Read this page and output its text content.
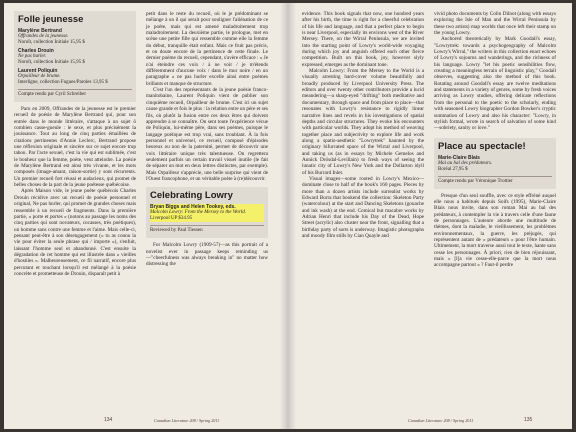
Folle jeunesse
Marylène Bertrand
Offrandes de la jeunesse.
Noroît, collection Initiale 15,95 $
Charles Drouin
Ne pas hurler.
Noroît, collection Initiale 15,95 $
Laurent Poliquin
Orpailleur de brume.
Interligne, collection Fugues/Paroles 13,95 $
Compte rendu par Cyril Schreiber

Paru en 2009, Offrandes de la jeunesse est le premier recueil de poésie de Marylène Bertrand qui, pour son entrée dans le monde littéraire, s'attaque à un sujet ô combien casse-gueule : le sexe, et plus précisément la jouissance. Tout au long de cinq parties émaillées de citations pertinentes d'Annie Leclerc, Bertrand propose une réflexion originale et sincère sur ce sujet encore trop tabou. Par l'acte sexuel, c'est la vie qui est sublimée, c'est le bonheur que la femme, poète, veut atteindre. La poésie de Marylène Bertrand est ainsi très vivante, et les mots composés (image-amant, raison-sortie) y sont récurrents. Un premier recueil fort réussi et audacieux, qui promet de belles choses de la part de la jeune poétesse québécoise.

Après Maison vide, le jeune poète québécois Charles Drouin récidive avec un recueil de poésie personnel et original, Ne pas hurler, qui promet de grandes choses mais ressemble à un recueil de fragments. Dans la première partie, « porte et portes » (notons au passage les noms des cinq parties qui sont novateurs, cocasses, très poétiques), un homme sans contre une femme et l'aime. Mais celle-ci, pensant peut-être à son désengagement (« tu as connu la vie pour éviter la seule phrase qui / importe »), s'enfuit, laissant l'homme seul et abandonné. C'est ensuite la dégradation de cet homme qui est illustrée dans « vieilles d'hostiles ». Malheureusement, ce fil narratif, encore plus percutant et touchant lorsqu'il est mélangé à la poésie concrète et prometteuse de Drouin, disparaît petit à

petit dans le reste du recueil, où le je prédominant se mélange à un il qui serait pour souligner l'aliénation de ce je poète, mais qui est amené maladroitement trop maladroitement. La deuxième partie, le prologue, met en scène une petite fille qui ressemble comme elle la femme du début, tranquille était enfant. Mais ce fruit pas précis, et on doute encore de la pertinence de cette finale. Le dernier poème du recueil, cependant, s'avère efficace : « Je n'ai éteindre ces voix / à ne voir / je m'étends différemment d'aucune voix / dans le mur noire / en un paragraphe » ne pas hurler excelle ainsi entre poèmes brillants et manque de structure.

C'est l'un des représentants de la jeune poésie franco-manitobaine, Laurent Poliquin vient de publier son cinquième recueil, Orpailleur de brume. C'est ici un sujet cause grande et fois le plus : la relation entre un père et ses fils, où plutôt la fusion entre ces deux êtres qui doivent apprendre à se connaître. On sent toute l'expérience vécue de Poliquin, lui-même père, dans ses poèmes, puisque le langage poétique est trop vrai, sans troublant. À la fois personnel et universel, ce recueil, composé d'épisodes heureux ou non de la paternité, permet de découvrir une voix littéraire unique très talentueuse. On regrettera seulement parfois un certain travail visuel inutile (le fait de séparer un mot en deux lettres distinctes, par exemple). Mais Orpailleur s'apprécie, une belle surprise qui vient de l'Ouest francophone, et un véritable poète à (re)découvrir.

Celebrating Lowry
Bryan Biggs and Helen Tookey, eds.
Malcolm Lowry: From the Mersey to the World.
Liverpool UP $34.95
Reviewed by Paul Tiessen

For Malcolm Lowry (1909-57)—as this portrait of a novelist ever in passage keeps reminding us—"cheerfulness was always breaking in" no matter how distressing the

134	Canadian Literature 208 / Spring 2011

evidence. This book signals that now, one hundred years after his birth, the time is right for a cheerful celebration of his life and language, and that a perfect place to begin is near Liverpool, especially its environs west of the River Mersey. There, on the Wirral Peninsula, we are invited into the starting point of Lowry's world-wide voyaging during which joy and anguish offered each other fierce competition. Built on this book, joy, however slyly expressed, emerges as the dominant tone.

Malcolm Lowry: From the Mersey to the World is a visually arresting hard-cover volume beautifully and broadly produced by Liverpool University Press. The editors and over twenty other contributors provide a lucid meandering—a sharp-eyed "drifting" both meditative and documentary, through space and from place to place—that resonates with Lowry's resistance to rigidly linear narrative lines and revels in his investigations of spatial depths and circular structures. They evoke his encounters with particular worlds. They adopt his method of weaving together place and subjectivity to explore life and work along a spatio-aesthetic "Lowrytrek" haunted by the originary bifurcated space of the Wirral and Liverpool, and taking us (as in essays by Michele Gemelos and Annick Drösdal-Levillain) to fresh ways of seeing the lunatic city of Lowry's New York and the Dollarton idyll of his Burrard Inlet.

Visual images—some rooted in Lowry's Mexico—dominate close to half of the book's 160 pages. Pieces by more than a dozen artists include surrealist works by Edward Burra that bookend the collection: Skeleton Party (watercolour) at the start and Dancing Skeletons (gouache and ink wash) at the end. Comical but macabre works by Adrian Henri that include his Day of the Dead, Hope Street (acrylic) also cluster near the front, signalling that a birthday party of sorts is underway. Imagistic photographs and moody film stills by Cian Quayle and

vivid photo documents by Colin Dilnot (along with essays exploring the Isle of Man and the Wirral Peninsula by these two artists) map worlds that once left their stamp on the young Lowry.

Anchored theoretically by Mark Goodall's essay, "Lowrytrek: towards a psychogeography of Malcolm Lowry's Wirral," the writers in this collection enact echoes of Lowry's sojourns and wanderings, and the richness of his language. Lowry "let his poetic sensibilities flow, creating a meaningless terrain of linguistic play," Goodall observes, suggesting also the method of this book. Rotating around Goodall's essay are twelve meditations and statements in a variety of genres, some by fresh voices arriving as Lowry studies, offering delicate reflections from the personal to the poetic to the scholarly, ending with seasoned Lowry biographer Gordon Bowker's cryptic summation of Lowry and also his character: "Lowry, in stylish formal, wrote in search of salvation of some kind—sobriety, sanity or love."

Place au spectacle!
Marie-Claire Blais
Mai au bal des prédateurs.
Boréal 27,95 $
Compte rendu par Véronique Trottier

Presque d'un seul souffle, avec ce style effréné auquel elle nous a habitués depuis Soifs (1995), Marie-Claire Blais nous invite, dans son roman Mai au bal des prédateurs, à contempler la vie à travers celle d'une faune de personnages. L'auteure aborde une multitude de thèmes, dont la maladie, le vieillissement, les problèmes environnementaux, la guerre, les préjugés, qui représentent autant de « prédateurs » pour l'être humain. Ultimement, la mort traverse aussi tout le texte, hante sans cesse les personnages. À priori, rien de bien réjouissant, mais « [l]a vie cesse-elle-parce que la mort nous accompagne partout » ? Faut-il perdre

Canadian Literature 208 / Spring 2011	135
